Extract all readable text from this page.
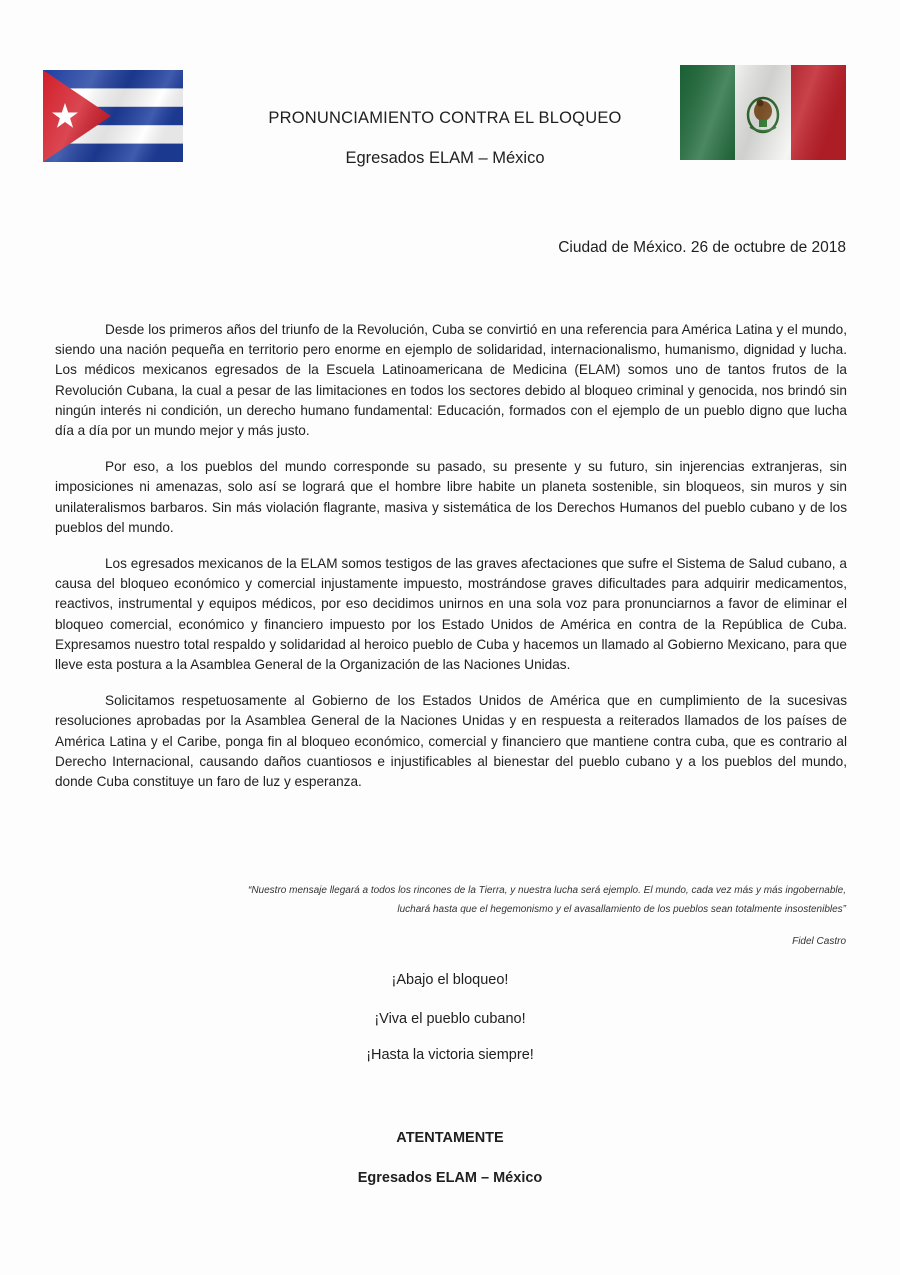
PRONUNCIAMIENTO CONTRA EL BLOQUEO
Egresados ELAM – México
Ciudad de México. 26 de octubre de 2018

Desde los primeros años del triunfo de la Revolución, Cuba se convirtió en una referencia para América Latina y el mundo, siendo una nación pequeña en territorio pero enorme en ejemplo de solidaridad, internacionalismo, humanismo, dignidad y lucha. Los médicos mexicanos egresados de la Escuela Latinoamericana de Medicina (ELAM) somos uno de tantos frutos de la Revolución Cubana, la cual a pesar de las limitaciones en todos los sectores debido al bloqueo criminal y genocida, nos brindó sin ningún interés ni condición, un derecho humano fundamental: Educación, formados con el ejemplo de un pueblo digno que lucha día a día por un mundo mejor y más justo.

Por eso, a los pueblos del mundo corresponde su pasado, su presente y su futuro, sin injerencias extranjeras, sin imposiciones ni amenazas, solo así se logrará que el hombre libre habite un planeta sostenible, sin bloqueos, sin muros y sin unilateralismos barbaros. Sin más violación flagrante, masiva y sistemática de los Derechos Humanos del pueblo cubano y de los pueblos del mundo.

Los egresados mexicanos de la ELAM somos testigos de las graves afectaciones que sufre el Sistema de Salud cubano, a causa del bloqueo económico y comercial injustamente impuesto, mostrándose graves dificultades para adquirir medicamentos, reactivos, instrumental y equipos médicos, por eso decidimos unirnos en una sola voz para pronunciarnos a favor de eliminar el bloqueo comercial, económico y financiero impuesto por los Estado Unidos de América en contra de la República de Cuba. Expresamos nuestro total respaldo y solidaridad al heroico pueblo de Cuba y hacemos un llamado al Gobierno Mexicano, para que lleve esta postura a la Asamblea General de la Organización de las Naciones Unidas.

Solicitamos respetuosamente al Gobierno de los Estados Unidos de América que en cumplimiento de la sucesivas resoluciones aprobadas por la Asamblea General de la Naciones Unidas y en respuesta a reiterados llamados de los países de América Latina y el Caribe, ponga fin al bloqueo económico, comercial y financiero que mantiene contra cuba, que es contrario al Derecho Internacional, causando daños cuantiosos e injustificables al bienestar del pueblo cubano y a los pueblos del mundo, donde Cuba constituye un faro de luz y esperanza.

“Nuestro mensaje llegará a todos los rincones de la Tierra, y nuestra lucha será ejemplo. El mundo, cada vez más y más ingobernable,
luchará hasta que el hegemonismo y el avasallamiento de los pueblos sean totalmente insostenibles”
Fidel Castro
¡Abajo el bloqueo!
¡Viva el pueblo cubano!
¡Hasta la victoria siempre!
ATENTAMENTE
Egresados ELAM – México
